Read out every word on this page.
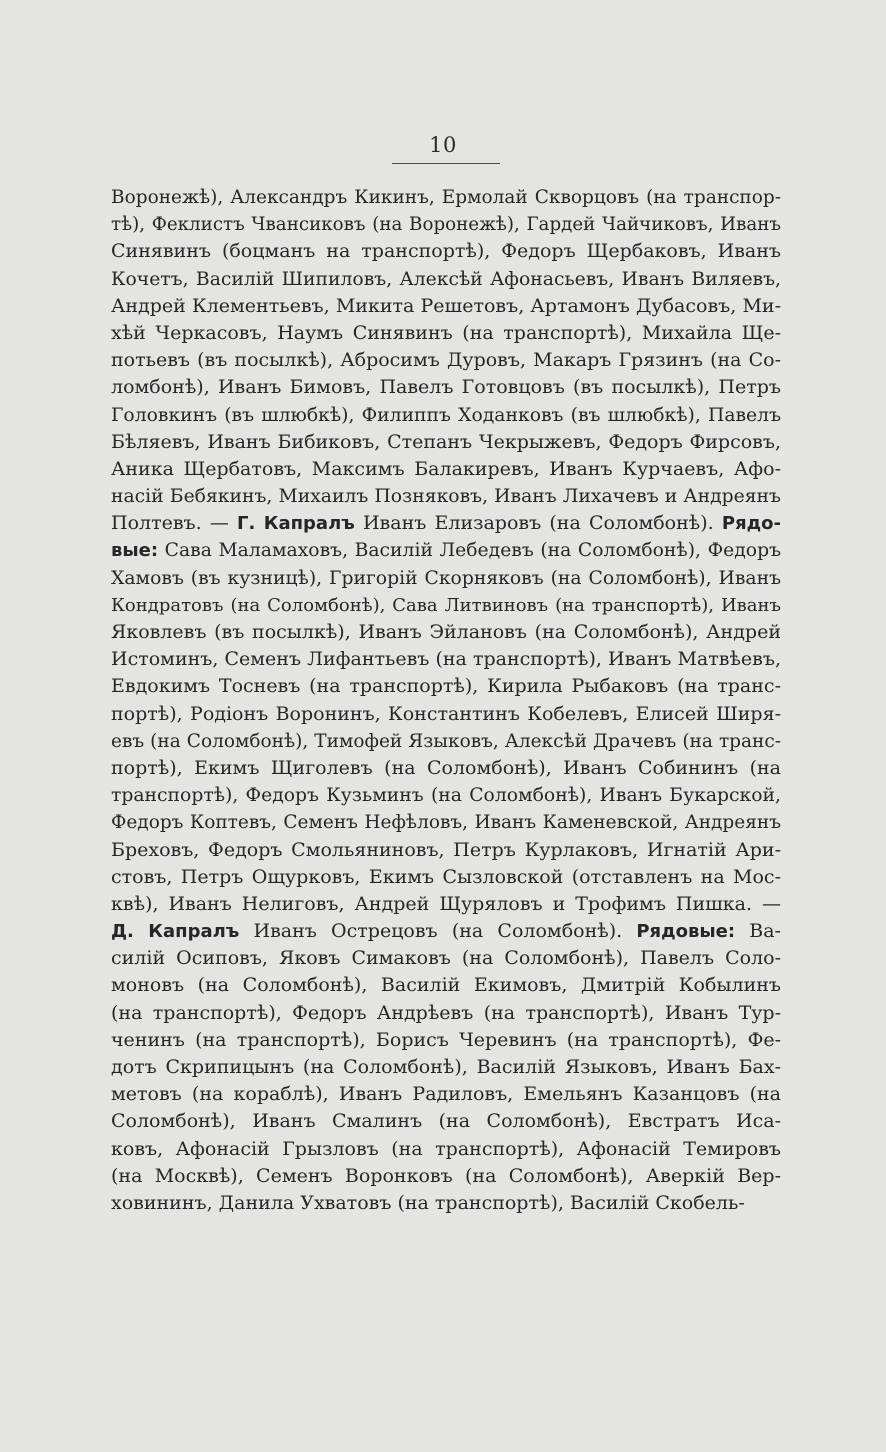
10
Воронежѣ), Александръ Кикинъ, Ермолай Скворцовъ (на транспор-
тѣ), Феклистъ Чвансиковъ (на Воронежѣ), Гардей Чайчиковъ, Иванъ
Синявинъ (боцманъ на транспортѣ), Федоръ Щербаковъ, Иванъ
Кочетъ, Василій Шипиловъ, Алексѣй Афонасьевъ, Иванъ Виляевъ,
Андрей Клементьевъ, Микита Решетовъ, Артамонъ Дубасовъ, Ми-
хѣй Черкасовъ, Наумъ Синявинъ (на транспортѣ), Михайла Ще-
потьевъ (въ посылкѣ), Абросимъ Дуровъ, Макаръ Грязинъ (на Со-
ломбонѣ), Иванъ Бимовъ, Павелъ Готовцовъ (въ посылкѣ), Петръ
Головкинъ (въ шлюбкѣ), Филиппъ Ходанковъ (въ шлюбкѣ), Павелъ
Бѣляевъ, Иванъ Бибиковъ, Степанъ Чекрыжевъ, Федоръ Фирсовъ,
Аника Щербатовъ, Максимъ Балакиревъ, Иванъ Курчаевъ, Афо-
насій Бебякинъ, Михаилъ Позняковъ, Иванъ Лихачевъ и Андреянъ
Полтевъ. — Г. Капралъ Иванъ Елизаровъ (на Соломбонѣ). Рядо-
вые: Сава Маламаховъ, Василій Лебедевъ (на Соломбонѣ), Федоръ
Хамовъ (въ кузницѣ), Григорій Скорняковъ (на Соломбонѣ), Иванъ
Кондратовъ (на Соломбонѣ), Сава Литвиновъ (на транспортѣ), Иванъ
Яковлевъ (въ посылкѣ), Иванъ Эйлановъ (на Соломбонѣ), Андрей
Истоминъ, Семенъ Лифантьевъ (на транспортѣ), Иванъ Матвѣевъ,
Евдокимъ Тосневъ (на транспортѣ), Кирила Рыбаковъ (на транс-
портѣ), Родіонъ Воронинъ, Константинъ Кобелевъ, Елисей Ширя-
евъ (на Соломбонѣ), Тимофей Языковъ, Алексѣй Драчевъ (на транс-
портѣ), Екимъ Щиголевъ (на Соломбонѣ), Иванъ Собининъ (на
транспортѣ), Федоръ Кузьминъ (на Соломбонѣ), Иванъ Букарской,
Федоръ Коптевъ, Семенъ Нефѣловъ, Иванъ Каменевской, Андреянъ
Бреховъ, Федоръ Смольяниновъ, Петръ Курлаковъ, Игнатій Ари-
стовъ, Петръ Ощурковъ, Екимъ Сызловской (отставленъ на Мос-
квѣ), Иванъ Нелиговъ, Андрей Щуряловъ и Трофимъ Пишка. —
Д. Капралъ Иванъ Острецовъ (на Соломбонѣ). Рядовые: Ва-
силій Осиповъ, Яковъ Симаковъ (на Соломбонѣ), Павелъ Соло-
моновъ (на Соломбонѣ), Василій Екимовъ, Дмитрій Кобылинъ
(на транспортѣ), Федоръ Андрѣевъ (на транспортѣ), Иванъ Тур-
ченинъ (на транспортѣ), Борисъ Черевинъ (на транспортѣ), Фе-
дотъ Скрипицынъ (на Соломбонѣ), Василій Языковъ, Иванъ Бах-
метовъ (на кораблѣ), Иванъ Радиловъ, Емельянъ Казанцовъ (на
Соломбонѣ), Иванъ Смалинъ (на Соломбонѣ), Евстратъ Иса-
ковъ, Афонасій Грызловъ (на транспортѣ), Афонасій Темировъ
(на Москвѣ), Семенъ Воронковъ (на Соломбонѣ), Аверкій Вер-
ховининъ, Данила Ухватовъ (на транспортѣ), Василій Скобель-
